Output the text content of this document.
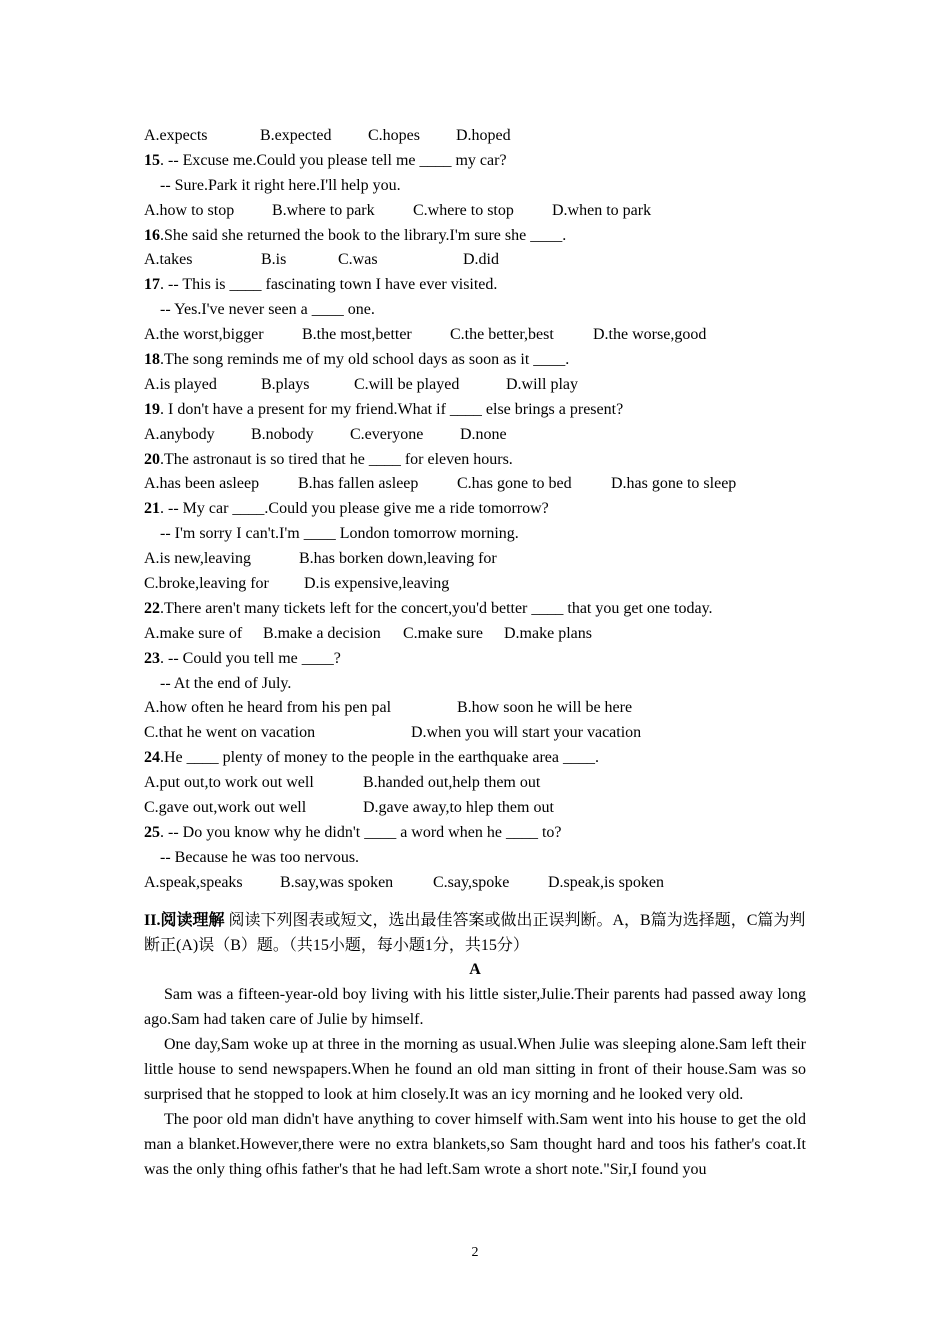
A.expects	B.expected C.hopes D.hoped
15. -- Excuse me.Could you please tell me ____ my car?
-- Sure.Park it right here.I'll help you.
A.how to stop B.where to park C.where to stop D.when to park
16.She said she returned the book to the library.I'm sure she ____.
A.takes	B.is	C.was	D.did
17. -- This is ____ fascinating town I have ever visited.
-- Yes.I've never seen a ____ one.
A.the worst,bigger B.the most,better C.the better,best D.the worse,good
18.The song reminds me of my old school days as soon as it ____.
A.is played	B.plays	C.will be played	D.will play
19. I don't have a present for my friend.What if ____ else brings a present?
A.anybody B.nobody C.everyone D.none
20.The astronaut is so tired that he ____ for eleven hours.
A.has been asleep B.has fallen asleep C.has gone to bed D.has gone to sleep
21. -- My car ____.Could you please give me a ride tomorrow?
-- I'm sorry I can't.I'm ____ London tomorrow morning.
A.is new,leaving	B.has borken down,leaving for
C.broke,leaving for D.is expensive,leaving
22.There aren't many tickets left for the concert,you'd better ____ that you get one today.
A.make sure of B.make a decision C.make sure D.make plans
23. -- Could you tell me ____?
-- At the end of July.
A.how often he heard from his pen pal	B.how soon he will be here
C.that he went on vacation	D.when you will start your vacation
24.He ____ plenty of money to the people in the earthquake area ____.
A.put out,to work out well	B.handed out,help them out
C.gave out,work out well	D.gave away,to hlep them out
25. -- Do you know why he didn't ____ a word when he ____ to?
-- Because he was too nervous.
A.speak,speaks B.say,was spoken C.say,spoke D.speak,is spoken
II.阅读理解 阅读下列图表或短文，选出最佳答案或做出正误判断。A，B篇为选择题，C篇为判断正(A)误（B）题。（共15小题，每小题1分，共15分）
A

Sam was a fifteen-year-old boy living with his little sister,Julie.Their parents had passed away long ago.Sam had taken care of Julie by himself.

One day,Sam woke up at three in the morning as usual.When Julie was sleeping alone.Sam left their little house to send newspapers.When he found an old man sitting in front of their house.Sam was so surprised that he stopped to look at him closely.It was an icy morning and he looked very old.

The poor old man didn't have anything to cover himself with.Sam went into his house to get the old man a blanket.However,there were no extra blankets,so Sam thought hard and toos his father's coat.It was the only thing ofhis father's that he had left.Sam wrote a short note."Sir,I found you

2
